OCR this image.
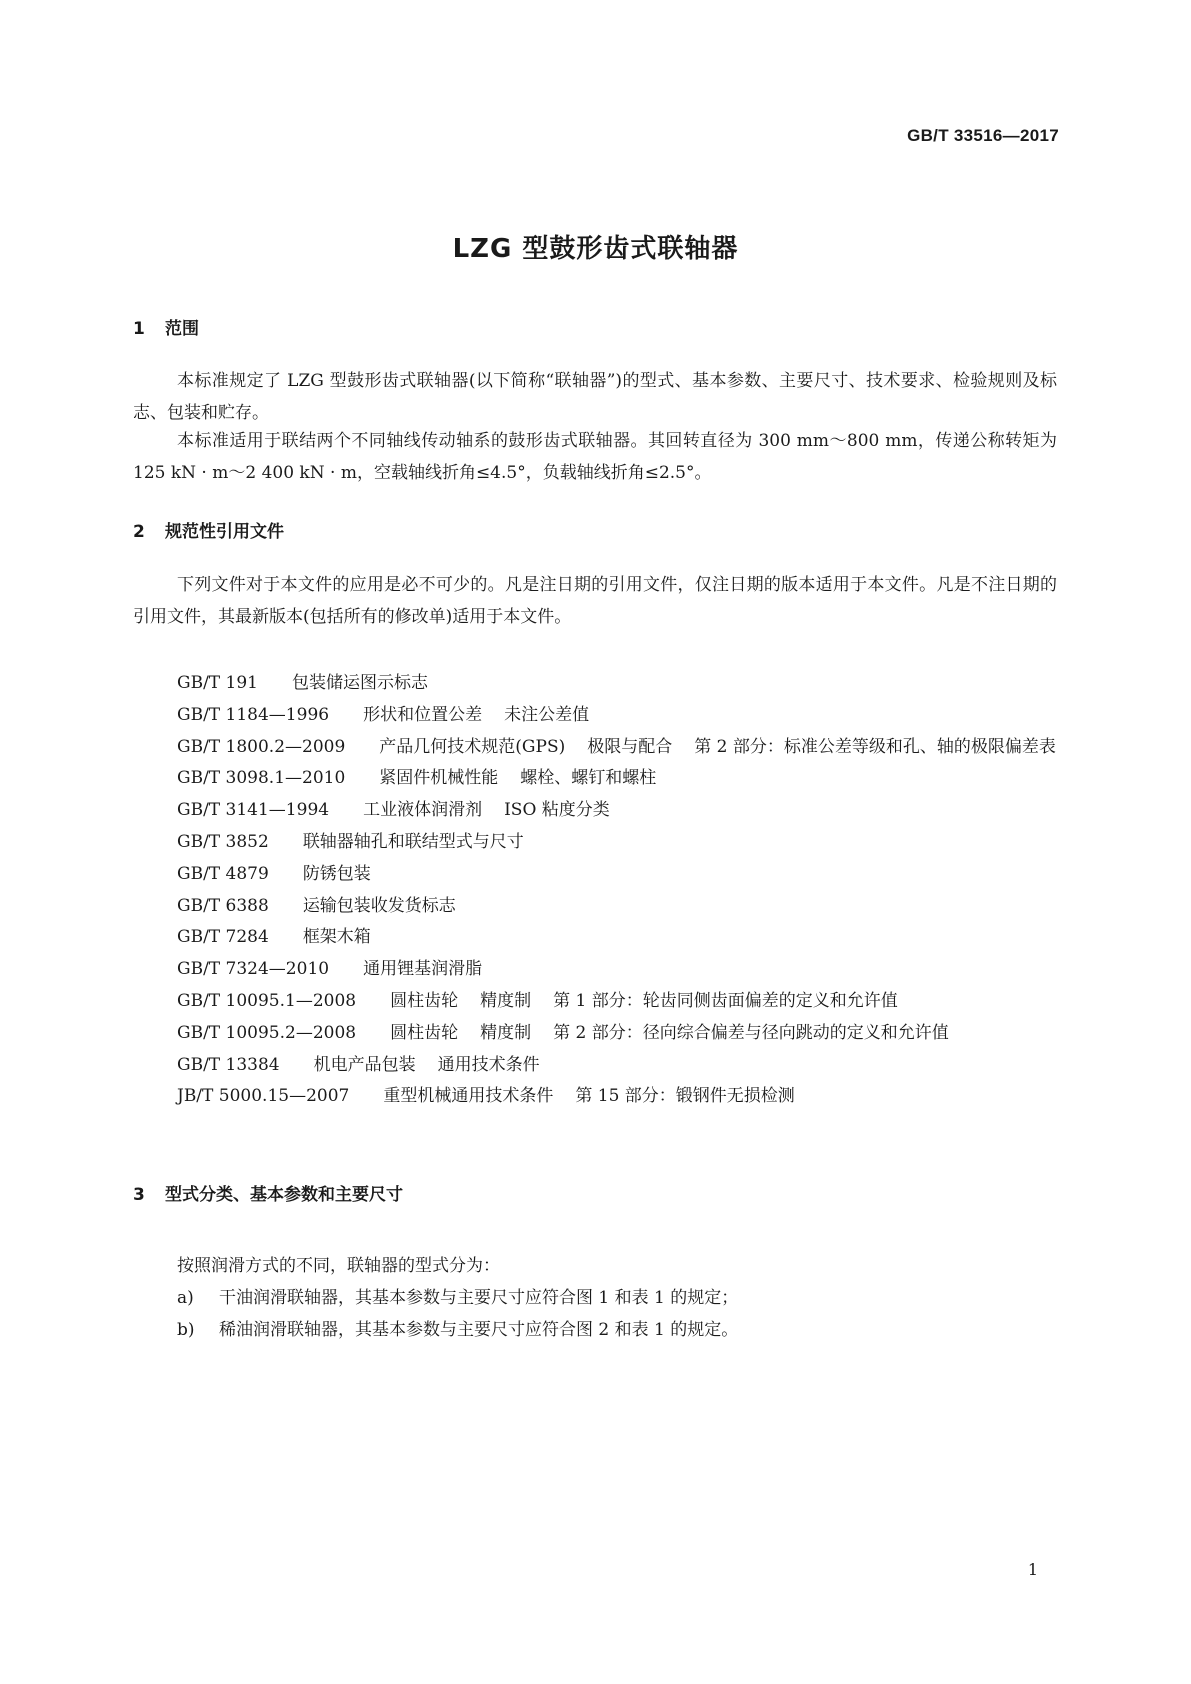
GB/T 33516—2017
LZG 型鼓形齿式联轴器
1 范围

本标准规定了 LZG 型鼓形齿式联轴器(以下简称“联轴器”)的型式、基本参数、主要尺寸、技术要求、检验规则及标志、包装和贮存。

本标准适用于联结两个不同轴线传动轴系的鼓形齿式联轴器。其回转直径为 300 mm～800 mm，传递公称转矩为 125 kN · m～2 400 kN · m，空载轴线折角≤4.5°，负载轴线折角≤2.5°。

2 规范性引用文件

下列文件对于本文件的应用是必不可少的。凡是注日期的引用文件，仅注日期的版本适用于本文件。凡是不注日期的引用文件，其最新版本(包括所有的修改单)适用于本文件。

GB/T 191 包装储运图示标志
GB/T 1184—1996 形状和位置公差 未注公差值
GB/T 1800.2—2009 产品几何技术规范(GPS) 极限与配合 第 2 部分：标准公差等级和孔、轴的极限偏差表
GB/T 3098.1—2010 紧固件机械性能 螺栓、螺钉和螺柱
GB/T 3141—1994 工业液体润滑剂 ISO 粘度分类
GB/T 3852 联轴器轴孔和联结型式与尺寸
GB/T 4879 防锈包装
GB/T 6388 运输包装收发货标志
GB/T 7284 框架木箱
GB/T 7324—2010 通用锂基润滑脂
GB/T 10095.1—2008 圆柱齿轮 精度制 第 1 部分：轮齿同侧齿面偏差的定义和允许值
GB/T 10095.2—2008 圆柱齿轮 精度制 第 2 部分：径向综合偏差与径向跳动的定义和允许值
GB/T 13384 机电产品包装 通用技术条件
JB/T 5000.15—2007 重型机械通用技术条件 第 15 部分：锻钢件无损检测
3 型式分类、基本参数和主要尺寸

按照润滑方式的不同，联轴器的型式分为：

a) 干油润滑联轴器，其基本参数与主要尺寸应符合图 1 和表 1 的规定；
b) 稀油润滑联轴器，其基本参数与主要尺寸应符合图 2 和表 1 的规定。
1
